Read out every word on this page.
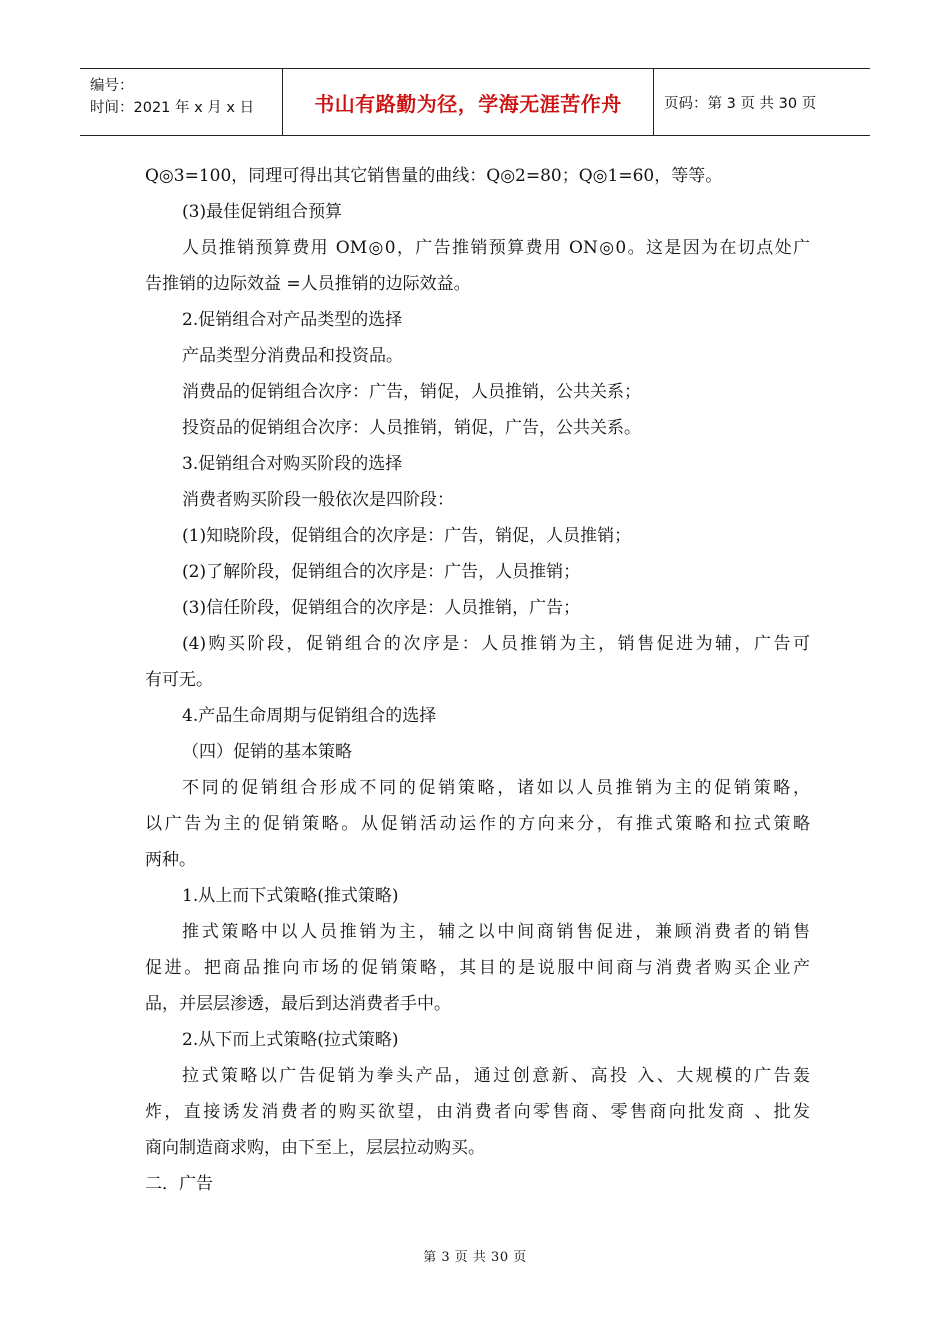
编号：
时间：2021 年 x 月 x 日	书山有路勤为径，学海无涯苦作舟	页码：第 3 页 共 30 页
Q◎3=100，同理可得出其它销售量的曲线：Q◎2=80；Q◎1=60，等等。
(3)最佳促销组合预算
人员推销预算费用 OM◎0，广告推销预算费用 ON◎0。这是因为在切点处广
告推销的边际效益 =人员推销的边际效益。
2.促销组合对产品类型的选择
产品类型分消费品和投资品。
消费品的促销组合次序：广告，销促，人员推销，公共关系；
投资品的促销组合次序：人员推销，销促，广告，公共关系。
3.促销组合对购买阶段的选择
消费者购买阶段一般依次是四阶段：
(1)知晓阶段，促销组合的次序是：广告，销促，人员推销；
(2)了解阶段，促销组合的次序是：广告，人员推销；
(3)信任阶段，促销组合的次序是：人员推销，广告；
(4)购买阶段，促销组合的次序是：人员推销为主，销售促进为辅，广告可
有可无。
4.产品生命周期与促销组合的选择
（四）促销的基本策略
不同的促销组合形成不同的促销策略，诸如以人员推销为主的促销策略，
以广告为主的促销策略。从促销活动运作的方向来分，有推式策略和拉式策略
两种。
1.从上而下式策略(推式策略)
推式策略中以人员推销为主，辅之以中间商销售促进，兼顾消费者的销售
促进。把商品推向市场的促销策略，其目的是说服中间商与消费者购买企业产
品，并层层渗透，最后到达消费者手中。
2.从下而上式策略(拉式策略)
拉式策略以广告促销为拳头产品，通过创意新、高投 入、大规模的广告轰
炸，直接诱发消费者的购买欲望，由消费者向零售商、零售商向批发商 、批发
商向制造商求购，由下至上，层层拉动购买。
二．广告
第 3 页 共 30 页
